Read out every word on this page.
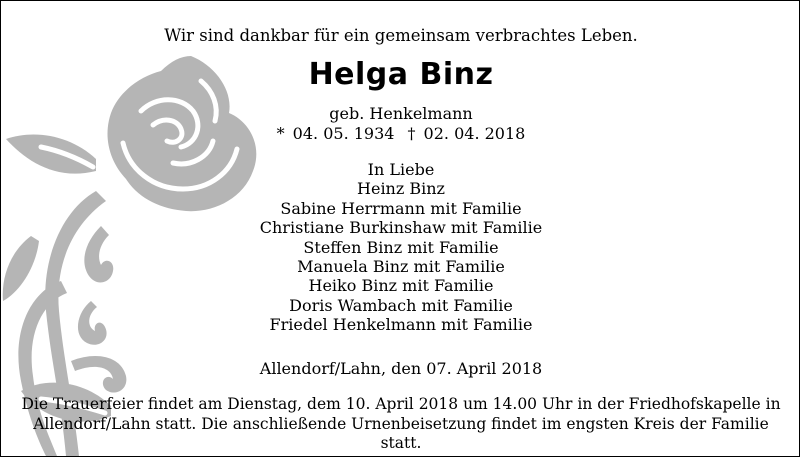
Wir sind dankbar für ein gemeinsam verbrachtes Leben.
Helga Binz
geb. Henkelmann
* 04. 05. 1934 † 02. 04. 2018
In Liebe
Heinz Binz
Sabine Herrmann mit Familie
Christiane Burkinshaw mit Familie
Steffen Binz mit Familie
Manuela Binz mit Familie
Heiko Binz mit Familie
Doris Wambach mit Familie
Friedel Henkelmann mit Familie
Allendorf/Lahn, den 07. April 2018
Die Trauerfeier findet am Dienstag, dem 10. April 2018 um 14.00 Uhr in der Friedhofskapelle in
Allendorf/Lahn statt. Die anschließende Urnenbeisetzung findet im engsten Kreis der Familie statt.
